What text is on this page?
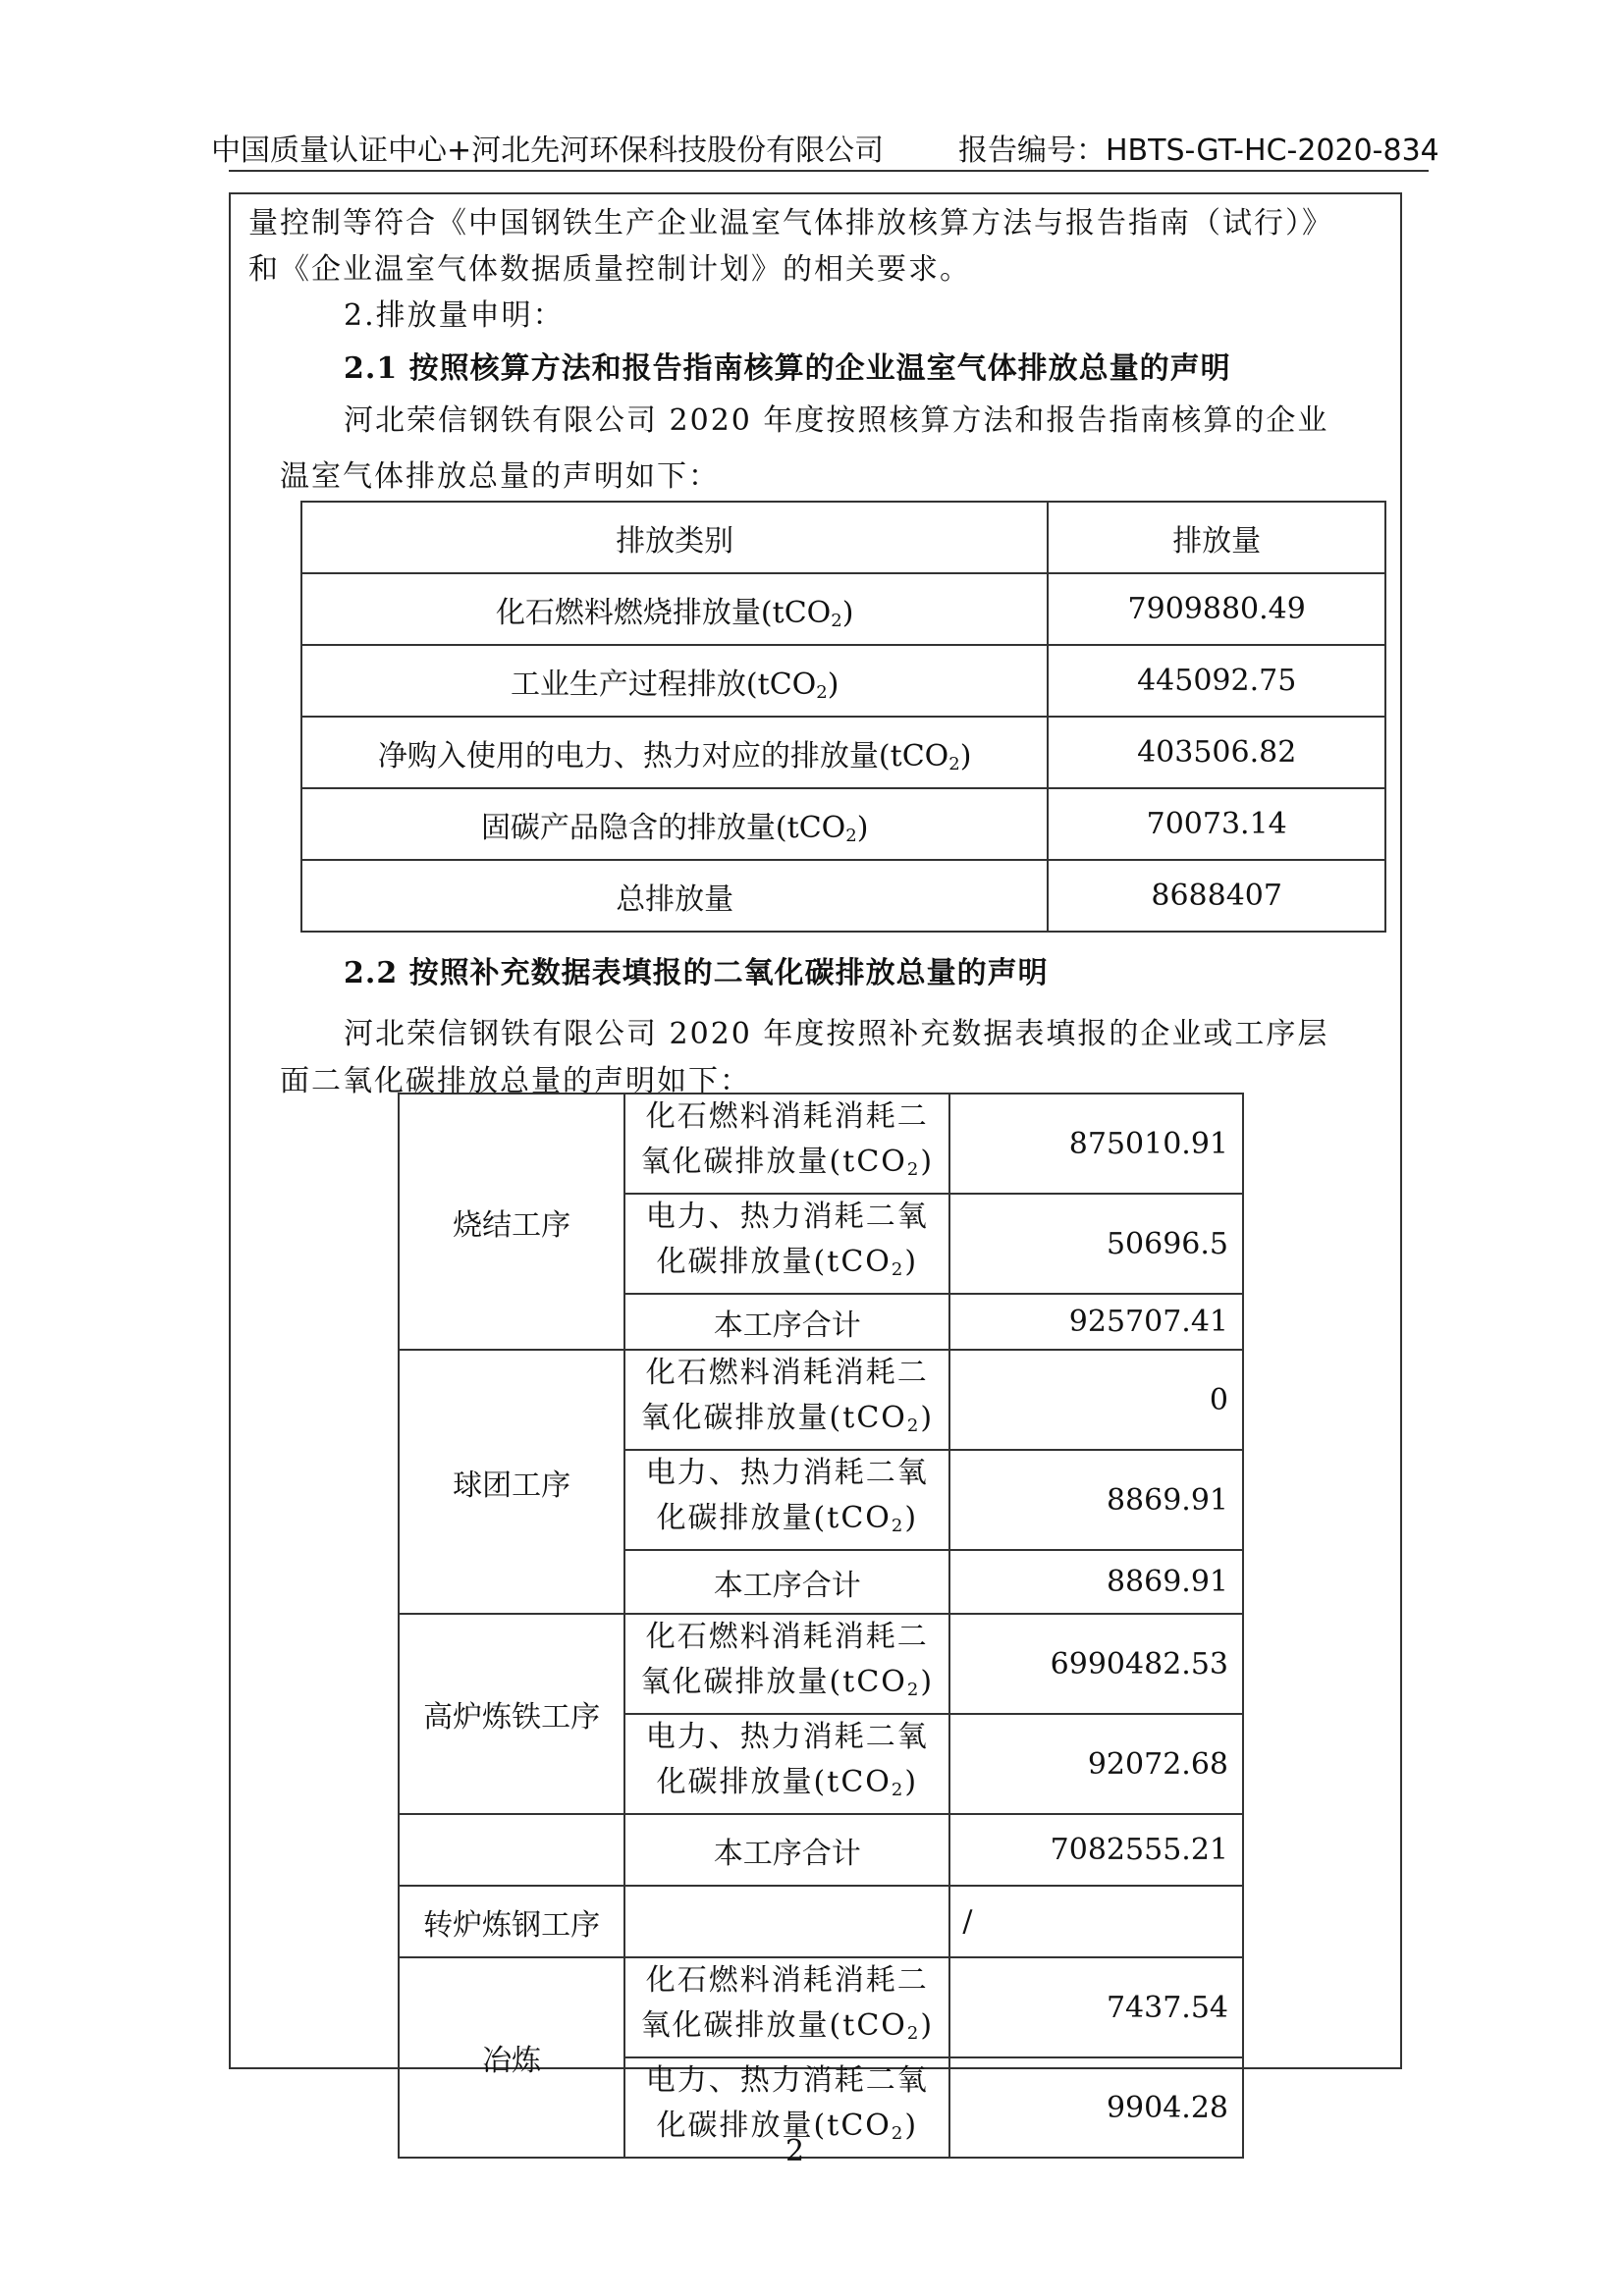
中国质量认证中心+河北先河环保科技股份有限公司	报告编号：HBTS-GT-HC-2020-834
量控制等符合《中国钢铁生产企业温室气体排放核算方法与报告指南（试行）》
和《企业温室气体数据质量控制计划》的相关要求。
2.排放量申明：
2.1 按照核算方法和报告指南核算的企业温室气体排放总量的声明
河北荣信钢铁有限公司 2020 年度按照核算方法和报告指南核算的企业
温室气体排放总量的声明如下：
排放类别	排放量
化石燃料燃烧排放量(tCO$_2$)	7909880.49
工业生产过程排放(tCO$_2$)	445092.75
净购入使用的电力、热力对应的排放量(tCO$_2$)	403506.82
固碳产品隐含的排放量(tCO$_2$)	70073.14
总排放量	8688407
2.2 按照补充数据表填报的二氧化碳排放总量的声明
河北荣信钢铁有限公司 2020 年度按照补充数据表填报的企业或工序层
面二氧化碳排放总量的声明如下：
烧结工序	化石燃料消耗消耗二
氧化碳排放量(tCO$_2$)	875010.91
	电力、热力消耗二氧
化碳排放量(tCO$_2$)	50696.5
	本工序合计	925707.41
球团工序	化石燃料消耗消耗二
氧化碳排放量(tCO$_2$)	0
	电力、热力消耗二氧
化碳排放量(tCO$_2$)	8869.91
	本工序合计	8869.91
高炉炼铁工序	化石燃料消耗消耗二
氧化碳排放量(tCO$_2$)	6990482.53
	电力、热力消耗二氧
化碳排放量(tCO$_2$)	92072.68
	本工序合计	7082555.21
转炉炼钢工序		/
冶炼	化石燃料消耗消耗二
氧化碳排放量(tCO$_2$)	7437.54
	电力、热力消耗二氧
化碳排放量(tCO$_2$)	9904.28
2
